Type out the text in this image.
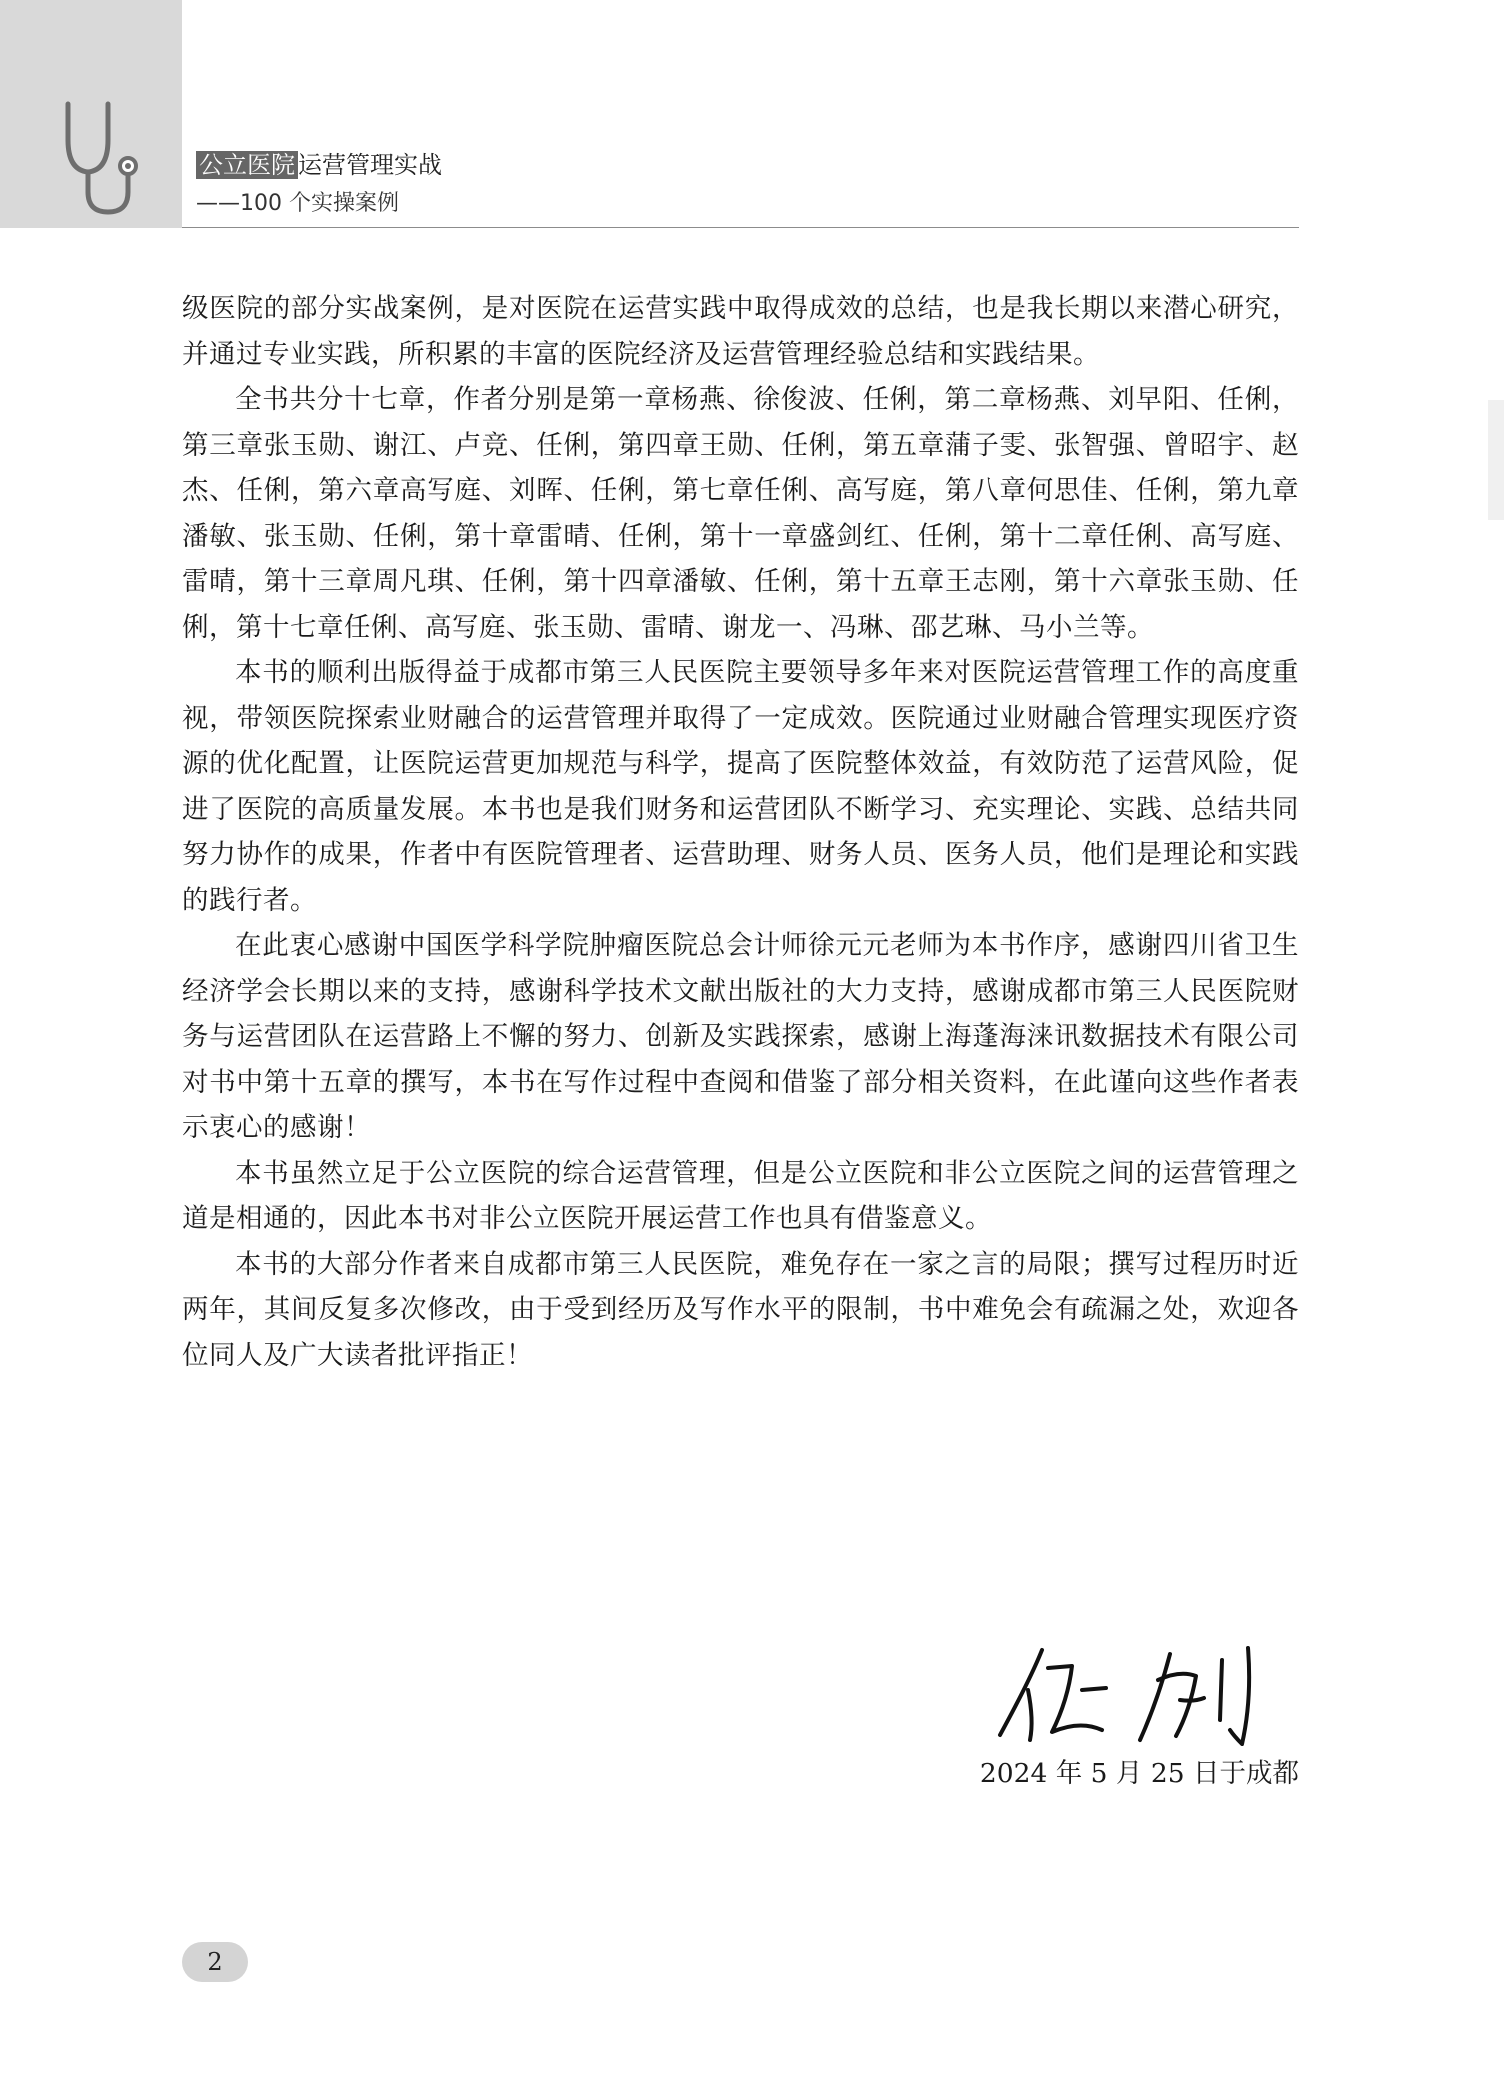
公立医院 运营管理实战
——100 个实操案例

级医院的部分实战案例，是对医院在运营实践中取得成效的总结，也是我长期以来潜心研究，并通过专业实践，所积累的丰富的医院经济及运营管理经验总结和实践结果。

全书共分十七章，作者分别是第一章杨燕、徐俊波、任俐，第二章杨燕、刘早阳、任俐，第三章张玉勋、谢江、卢竞、任俐，第四章王勋、任俐，第五章蒲子雯、张智强、曾昭宇、赵杰、任俐，第六章高写庭、刘晖、任俐，第七章任俐、高写庭，第八章何思佳、任俐，第九章潘敏、张玉勋、任俐，第十章雷晴、任俐，第十一章盛剑红、任俐，第十二章任俐、高写庭、雷晴，第十三章周凡琪、任俐，第十四章潘敏、任俐，第十五章王志刚，第十六章张玉勋、任俐，第十七章任俐、高写庭、张玉勋、雷晴、谢龙一、冯琳、邵艺琳、马小兰等。

本书的顺利出版得益于成都市第三人民医院主要领导多年来对医院运营管理工作的高度重视，带领医院探索业财融合的运营管理并取得了一定成效。医院通过业财融合管理实现医疗资源的优化配置，让医院运营更加规范与科学，提高了医院整体效益，有效防范了运营风险，促进了医院的高质量发展。本书也是我们财务和运营团队不断学习、充实理论、实践、总结共同努力协作的成果，作者中有医院管理者、运营助理、财务人员、医务人员，他们是理论和实践的践行者。

在此衷心感谢中国医学科学院肿瘤医院总会计师徐元元老师为本书作序，感谢四川省卫生经济学会长期以来的支持，感谢科学技术文献出版社的大力支持，感谢成都市第三人民医院财务与运营团队在运营路上不懈的努力、创新及实践探索，感谢上海蓬海涞讯数据技术有限公司对书中第十五章的撰写，本书在写作过程中查阅和借鉴了部分相关资料，在此谨向这些作者表示衷心的感谢！

本书虽然立足于公立医院的综合运营管理，但是公立医院和非公立医院之间的运营管理之道是相通的，因此本书对非公立医院开展运营工作也具有借鉴意义。

本书的大部分作者来自成都市第三人民医院，难免存在一家之言的局限；撰写过程历时近两年，其间反复多次修改，由于受到经历及写作水平的限制，书中难免会有疏漏之处，欢迎各位同人及广大读者批评指正！

2024 年 5 月 25 日于成都
2
